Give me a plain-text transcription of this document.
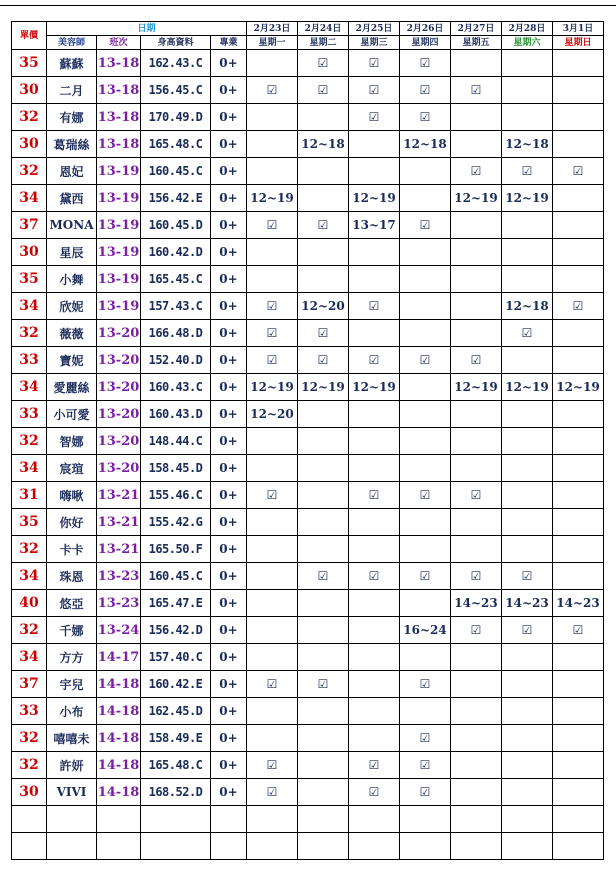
單價	日期				2月23日	2月24日	2月25日	2月26日	2月27日	2月28日	3月1日
	美容師	班次	身高資料	專業	星期一	星期二	星期三	星期四	星期五	星期六	星期日
35	蘇蘇	13-18	162.43.C	0+		☑	☑	☑			
30	二月	13-18	156.45.C	0+	☑	☑	☑	☑	☑		
32	有娜	13-18	170.49.D	0+			☑	☑			
30	葛瑞絲	13-18	165.48.C	0+		12~18		12~18		12~18	
32	恩妃	13-19	160.45.C	0+					☑	☑	☑
34	黛西	13-19	156.42.E	0+	12~19		12~19		12~19	12~19	
37	MONA	13-19	160.45.D	0+	☑	☑	13~17	☑			
30	星辰	13-19	160.42.D	0+							
35	小舞	13-19	165.45.C	0+							
34	欣妮	13-19	157.43.C	0+	☑	12~20	☑			12~18	☑
32	薇薇	13-20	166.48.D	0+	☑	☑				☑	
33	寶妮	13-20	152.40.D	0+	☑	☑	☑	☑	☑		
34	愛麗絲	13-20	160.43.C	0+	12~19	12~19	12~19		12~19	12~19	12~19
33	小可愛	13-20	160.43.D	0+	12~20						
32	智娜	13-20	148.44.C	0+							
34	宸瑄	13-20	158.45.D	0+							
31	嗨啾	13-21	155.46.C	0+	☑		☑	☑	☑		
35	你好	13-21	155.42.G	0+							
32	卡卡	13-21	165.50.F	0+							
34	珠恩	13-23	160.45.C	0+		☑	☑	☑	☑	☑	
40	悠亞	13-23	165.47.E	0+					14~23	14~23	14~23
32	千娜	13-24	156.42.D	0+				16~24	☑	☑	☑
34	方方	14-17	157.40.C	0+							
37	宇兒	14-18	160.42.E	0+	☑	☑		☑			
33	小布	14-18	162.45.D	0+							
32	嘻嘻未	14-18	158.49.E	0+				☑			
32	許妍	14-18	165.48.C	0+	☑		☑	☑			
30	VIVI	14-18	168.52.D	0+	☑		☑	☑			
